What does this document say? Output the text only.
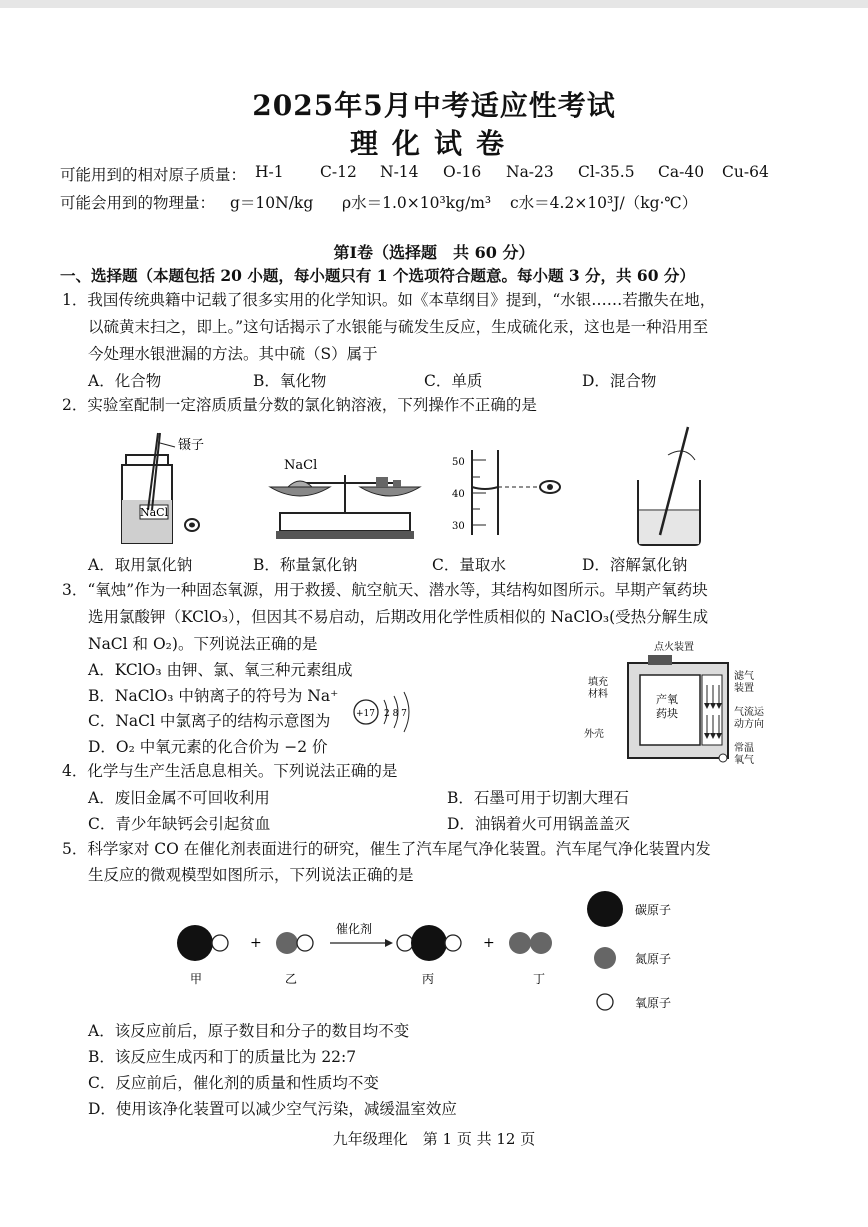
2025年5月中考适应性考试
理化试卷
可能用到的相对原子质量： H-1 C-12 N-14 O-16 Na-23 Cl-35.5 Ca-40 Cu-64
可能会用到的物理量： g＝10N/kg ρ水＝1.0×10³kg/m³ c水＝4.2×10³J/（kg·℃）
第Ⅰ卷（选择题　共 60 分）
一、选择题（本题包括 20 小题，每小题只有 1 个选项符合题意。每小题 3 分，共 60 分）
1．我国传统典籍中记载了很多实用的化学知识。如《本草纲目》提到，“水银……若撒失在地，
以硫黄末扫之，即上。”这句话揭示了水银能与硫发生反应，生成硫化汞，这也是一种沿用至
今处理水银泄漏的方法。其中硫（S）属于
A．化合物	B．氧化物	C．单质	D．混合物
2．实验室配制一定溶质质量分数的氯化钠溶液，下列操作不正确的是
镊子
NaCl
NaCl	50
40
30
A．取用氯化钠	B．称量氯化钠	C．量取水	D．溶解氯化钠
3．“氧烛”作为一种固态氧源，用于救援、航空航天、潜水等，其结构如图所示。早期产氧药块
选用氯酸钾（KClO₃），但因其不易启动，后期改用化学性质相似的 NaClO₃(受热分解生成
NaCl 和 O₂)。下列说法正确的是
A．KClO₃ 由钾、氯、氧三种元素组成
B．NaClO₃ 中钠离子的符号为 Na⁺
C．NaCl 中氯离子的结构示意图为	+17 2 8 7
D．O₂ 中氧元素的化合价为 −2 价
点火装置
滤气
装置
填充
材料	产氧
药块	气流运
动方向
外壳
常温
氧气
4．化学与生产生活息息相关。下列说法正确的是
A．废旧金属不可回收利用	B．石墨可用于切割大理石
C．青少年缺钙会引起贫血	D．油锅着火可用锅盖盖灭
5．科学家对 CO 在催化剂表面进行的研究，催生了汽车尾气净化装置。汽车尾气净化装置内发
生反应的微观模型如图所示，下列说法正确的是
+
催化剂
+
甲	乙	丙	丁
碳原子
氮原子
氧原子
A．该反应前后，原子数目和分子的数目均不变
B．该反应生成丙和丁的质量比为 22:7
C．反应前后，催化剂的质量和性质均不变
D．使用该净化装置可以减少空气污染，减缓温室效应
九年级理化　第 1 页 共 12 页
